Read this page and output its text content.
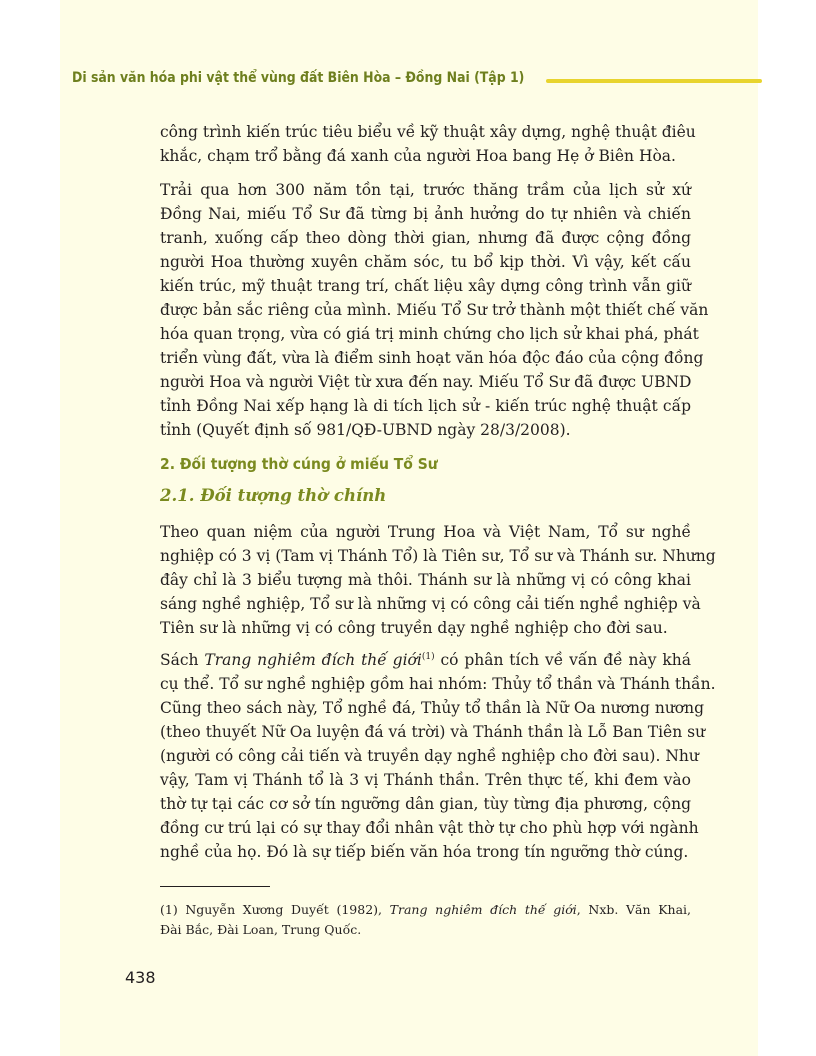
Di sản văn hóa phi vật thể vùng đất Biên Hòa – Đồng Nai (Tập 1)
công trình kiến trúc tiêu biểu về kỹ thuật xây dựng, nghệ thuật điêu
khắc, chạm trổ bằng đá xanh của người Hoa bang Hẹ ở Biên Hòa.
Trải qua hơn 300 năm tồn tại, trước thăng trầm của lịch sử xứ
Đồng Nai, miếu Tổ Sư đã từng bị ảnh hưởng do tự nhiên và chiến
tranh, xuống cấp theo dòng thời gian, nhưng đã được cộng đồng
người Hoa thường xuyên chăm sóc, tu bổ kịp thời. Vì vậy, kết cấu
kiến trúc, mỹ thuật trang trí, chất liệu xây dựng công trình vẫn giữ
được bản sắc riêng của mình. Miếu Tổ Sư trở thành một thiết chế văn
hóa quan trọng, vừa có giá trị minh chứng cho lịch sử khai phá, phát
triển vùng đất, vừa là điểm sinh hoạt văn hóa độc đáo của cộng đồng
người Hoa và người Việt từ xưa đến nay. Miếu Tổ Sư đã được UBND
tỉnh Đồng Nai xếp hạng là di tích lịch sử - kiến trúc nghệ thuật cấp
tỉnh (Quyết định số 981/QĐ-UBND ngày 28/3/2008).
2. Đối tượng thờ cúng ở miếu Tổ Sư
2.1. Đối tượng thờ chính
Theo quan niệm của người Trung Hoa và Việt Nam, Tổ sư nghề
nghiệp có 3 vị (Tam vị Thánh Tổ) là Tiên sư, Tổ sư và Thánh sư. Nhưng
đây chỉ là 3 biểu tượng mà thôi. Thánh sư là những vị có công khai
sáng nghề nghiệp, Tổ sư là những vị có công cải tiến nghề nghiệp và
Tiên sư là những vị có công truyền dạy nghề nghiệp cho đời sau.
Sách Trang nghiêm đích thế giới$^{(1)}$ có phân tích về vấn đề này khá
cụ thể. Tổ sư nghề nghiệp gồm hai nhóm: Thủy tổ thần và Thánh thần.
Cũng theo sách này, Tổ nghề đá, Thủy tổ thần là Nữ Oa nương nương
(theo thuyết Nữ Oa luyện đá vá trời) và Thánh thần là Lỗ Ban Tiên sư
(người có công cải tiến và truyền dạy nghề nghiệp cho đời sau). Như
vậy, Tam vị Thánh tổ là 3 vị Thánh thần. Trên thực tế, khi đem vào
thờ tự tại các cơ sở tín ngưỡng dân gian, tùy từng địa phương, cộng
đồng cư trú lại có sự thay đổi nhân vật thờ tự cho phù hợp với ngành
nghề của họ. Đó là sự tiếp biến văn hóa trong tín ngưỡng thờ cúng.
(1) Nguyễn Xương Duyết (1982), Trang nghiêm đích thế giới, Nxb. Văn Khai,
Đài Bắc, Đài Loan, Trung Quốc.
438
